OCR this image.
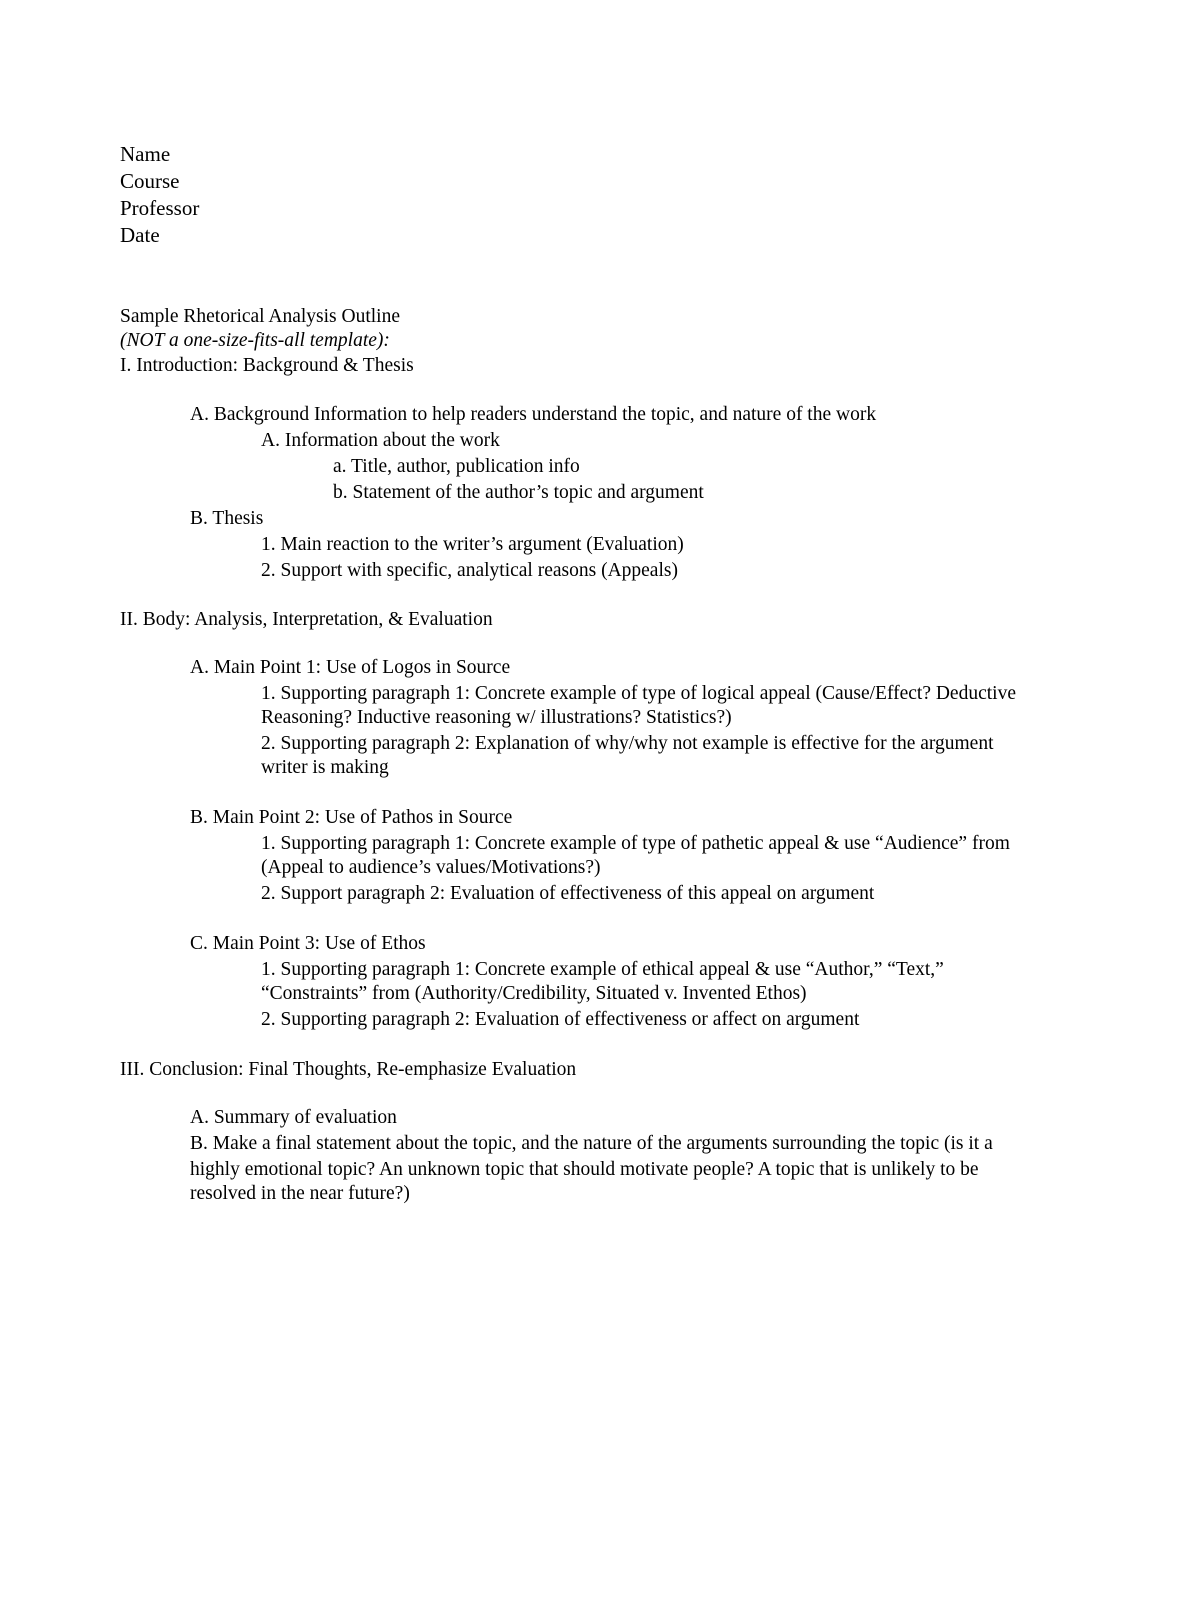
Name
Course
Professor
Date
Sample Rhetorical Analysis Outline
(NOT a one-size-fits-all template):
I. Introduction: Background & Thesis
A. Background Information to help readers understand the topic, and nature of the work
A. Information about the work
a. Title, author, publication info
b. Statement of the author’s topic and argument
B. Thesis
1. Main reaction to the writer’s argument (Evaluation)
2. Support with specific, analytical reasons (Appeals)
II. Body: Analysis, Interpretation, & Evaluation
A. Main Point 1: Use of Logos in Source
1. Supporting paragraph 1: Concrete example of type of logical appeal (Cause/Effect? Deductive
Reasoning? Inductive reasoning w/ illustrations? Statistics?)
2. Supporting paragraph 2: Explanation of why/why not example is effective for the argument
writer is making
B. Main Point 2: Use of Pathos in Source
1. Supporting paragraph 1: Concrete example of type of pathetic appeal & use “Audience” from
(Appeal to audience’s values/Motivations?)
2. Support paragraph 2: Evaluation of effectiveness of this appeal on argument
C. Main Point 3: Use of Ethos
1. Supporting paragraph 1: Concrete example of ethical appeal & use “Author,” “Text,”
“Constraints” from (Authority/Credibility, Situated v. Invented Ethos)
2. Supporting paragraph 2: Evaluation of effectiveness or affect on argument
III. Conclusion: Final Thoughts, Re-emphasize Evaluation
A. Summary of evaluation
B. Make a final statement about the topic, and the nature of the arguments surrounding the topic (is it a
highly emotional topic? An unknown topic that should motivate people? A topic that is unlikely to be
resolved in the near future?)
